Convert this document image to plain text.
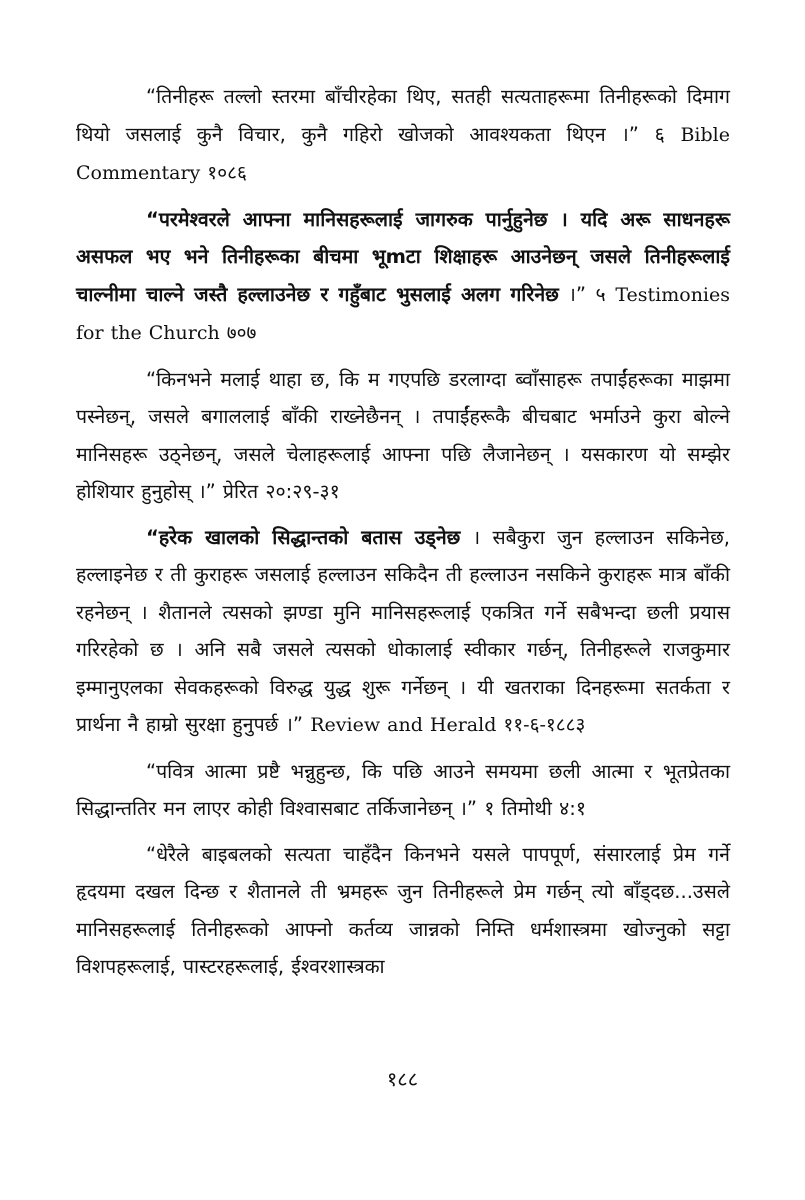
“तिनीहरू तल्लो स्तरमा बाँचीरहेका थिए, सतही सत्यताहरूमा तिनीहरूको दिमाग थियो जसलाई कुनै विचार, कुनै गहिरो खोजको आवश्यकता थिएन ।” ६ Bible Commentary १०८६

“परमेश्वरले आफ्ना मानिसहरूलाई जागरुक पार्नुहुनेछ । यदि अरू साधनहरू असफल भए भने तिनीहरूका बीचमा भूmटा शिक्षाहरू आउनेछन् जसले तिनीहरूलाई चाल्नीमा चाल्ने जस्तै हल्लाउनेछ र गहुँबाट भुसलाई अलग गरिनेछ ।” ५ Testimonies for the Church ७०७

“किनभने मलाई थाहा छ, कि म गएपछि डरलाग्दा ब्वाँसाहरू तपाईंहरूका माझमा पस्नेछन्, जसले बगाललाई बाँकी राख्नेछैनन् । तपाईंहरूकै बीचबाट भर्माउने कुरा बोल्ने मानिसहरू उठ्नेछन्, जसले चेलाहरूलाई आफ्ना पछि लैजानेछन् । यसकारण यो सम्झेर होशियार हुनुहोस् ।” प्रेरित २०:२९-३१

“हरेक खालको सिद्धान्तको बतास उड्नेछ । सबैकुरा जुन हल्लाउन सकिनेछ, हल्लाइनेछ र ती कुराहरू जसलाई हल्लाउन सकिदैन ती हल्लाउन नसकिने कुराहरू मात्र बाँकी रहनेछन् । शैतानले त्यसको झण्डा मुनि मानिसहरूलाई एकत्रित गर्ने सबैभन्दा छली प्रयास गरिरहेको छ । अनि सबै जसले त्यसको धोकालाई स्वीकार गर्छन्, तिनीहरूले राजकुमार इम्मानुएलका सेवकहरूको विरुद्ध युद्ध शुरू गर्नेछन् । यी खतराका दिनहरूमा सतर्कता र प्रार्थना नै हाम्रो सुरक्षा हुनुपर्छ ।” Review and Herald ११-६-१८८३

“पवित्र आत्मा प्रष्टै भन्नुहुन्छ, कि पछि आउने समयमा छली आत्मा र भूतप्रेतका सिद्धान्ततिर मन लाएर कोही विश्वासबाट तर्किजानेछन् ।” १ तिमोथी ४:१

“धेरैले बाइबलको सत्यता चाहँदैन किनभने यसले पापपूर्ण, संसारलाई प्रेम गर्ने हृदयमा दखल दिन्छ र शैतानले ती भ्रमहरू जुन तिनीहरूले प्रेम गर्छन् त्यो बाँड्दछ...उसले मानिसहरूलाई तिनीहरूको आफ्नो कर्तव्य जान्नको निम्ति धर्मशास्त्रमा खोज्नुको सट्टा विशपहरूलाई, पास्टरहरूलाई, ईश्वरशास्त्रका

१८८
